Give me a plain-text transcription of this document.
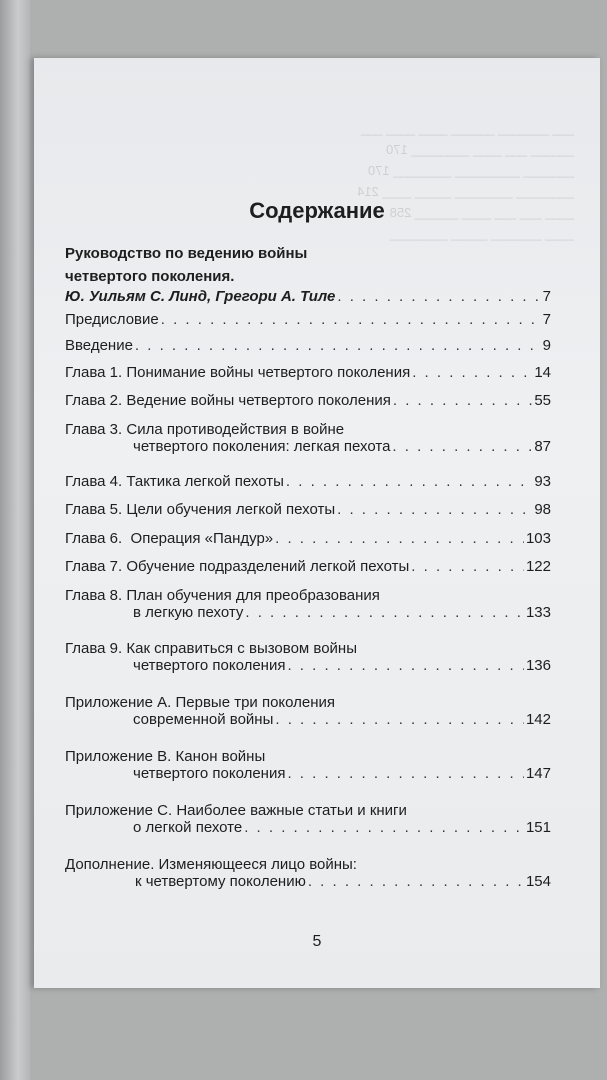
___ _______ ______ ____ ____ ___
______ ___ ____ ________ 170
_______ _________ ________ 170
________ ________ _____ ____ 214
____ ___ ___ ____ ______ 258
____ _______ _____ ________
Содержание
Руководство по ведению войны
четвертого поколения.
Ю. Уильям С. Линд, Грегори А. Тиле . . .	7
Предисловие . . .	7
Введение . . .	9
Глава 1. Понимание войны четвертого поколения . . .	14
Глава 2. Ведение войны четвертого поколения . . .	55
Глава 3. Сила противодействия в войне
четвертого поколения: легкая пехота . . .	87
Глава 4. Тактика легкой пехоты . . .	93
Глава 5. Цели обучения легкой пехоты . . .	98
Глава 6.  Операция «Пандур» . . .	103
Глава 7. Обучение подразделений легкой пехоты . . .	122
Глава 8. План обучения для преобразования
в легкую пехоту . . .	133
Глава 9. Как справиться с вызовом войны
четвертого поколения . . .	136
Приложение А. Первые три поколения
современной войны . . .	142
Приложение В. Канон войны
четвертого поколения . . .	147
Приложение С. Наиболее важные статьи и книги
о легкой пехоте . . .	151
Дополнение. Изменяющееся лицо войны:
к четвертому поколению . . .	154
5
